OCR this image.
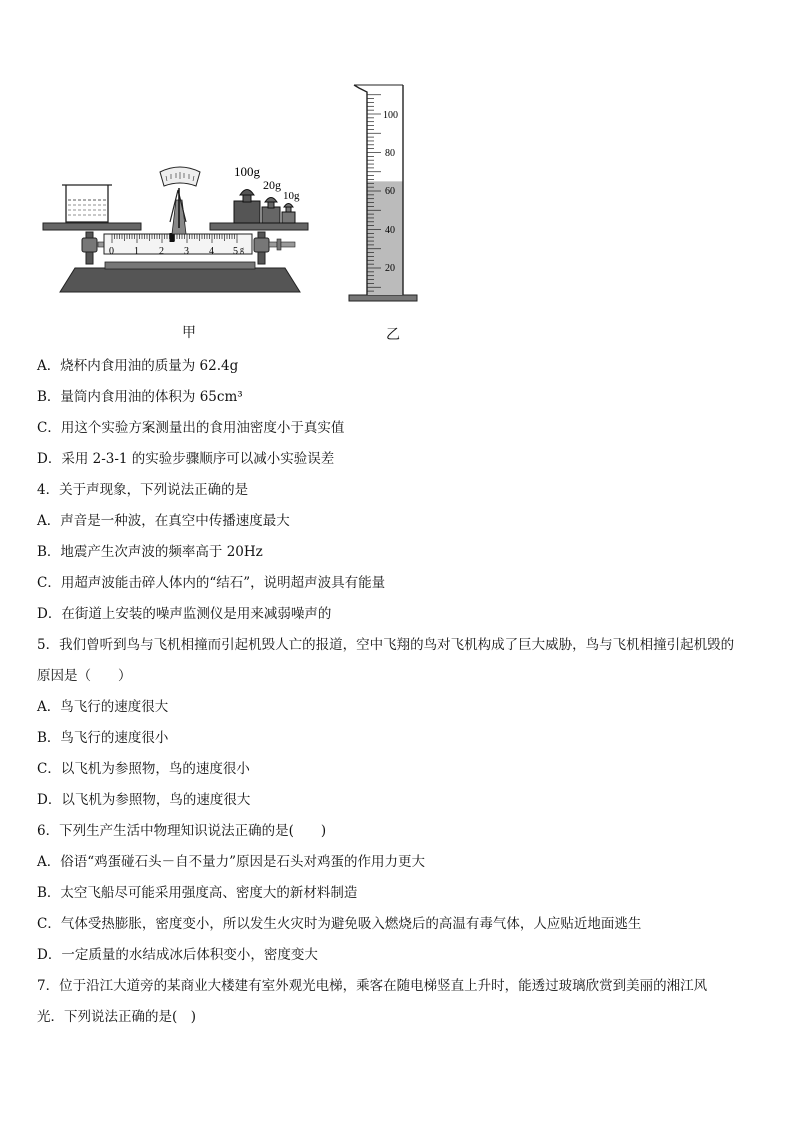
100g
20g
10g
0 1 2 3 4 5 g
100
80
60
40
20
甲	乙
A．烧杯内食用油的质量为 62.4g
B．量筒内食用油的体积为 65cm³
C．用这个实验方案测量出的食用油密度小于真实值
D．采用 2-3-1 的实验步骤顺序可以减小实验误差
4．关于声现象，下列说法正确的是
A．声音是一种波，在真空中传播速度最大
B．地震产生次声波的频率高于 20Hz
C．用超声波能击碎人体内的“结石”，说明超声波具有能量
D．在街道上安装的噪声监测仪是用来减弱噪声的
5．我们曾听到鸟与飞机相撞而引起机毁人亡的报道，空中飞翔的鸟对飞机构成了巨大威胁，鸟与飞机相撞引起机毁的
原因是（　　）
A．鸟飞行的速度很大
B．鸟飞行的速度很小
C．以飞机为参照物，鸟的速度很小
D．以飞机为参照物，鸟的速度很大
6．下列生产生活中物理知识说法正确的是(　　)
A．俗语“鸡蛋碰石头－自不量力”原因是石头对鸡蛋的作用力更大
B．太空飞船尽可能采用强度高、密度大的新材料制造
C．气体受热膨胀，密度变小，所以发生火灾时为避免吸入燃烧后的高温有毒气体，人应贴近地面逃生
D．一定质量的水结成冰后体积变小，密度变大
7．位于沿江大道旁的某商业大楼建有室外观光电梯，乘客在随电梯竖直上升时，能透过玻璃欣赏到美丽的湘江风
光．下列说法正确的是(　)
